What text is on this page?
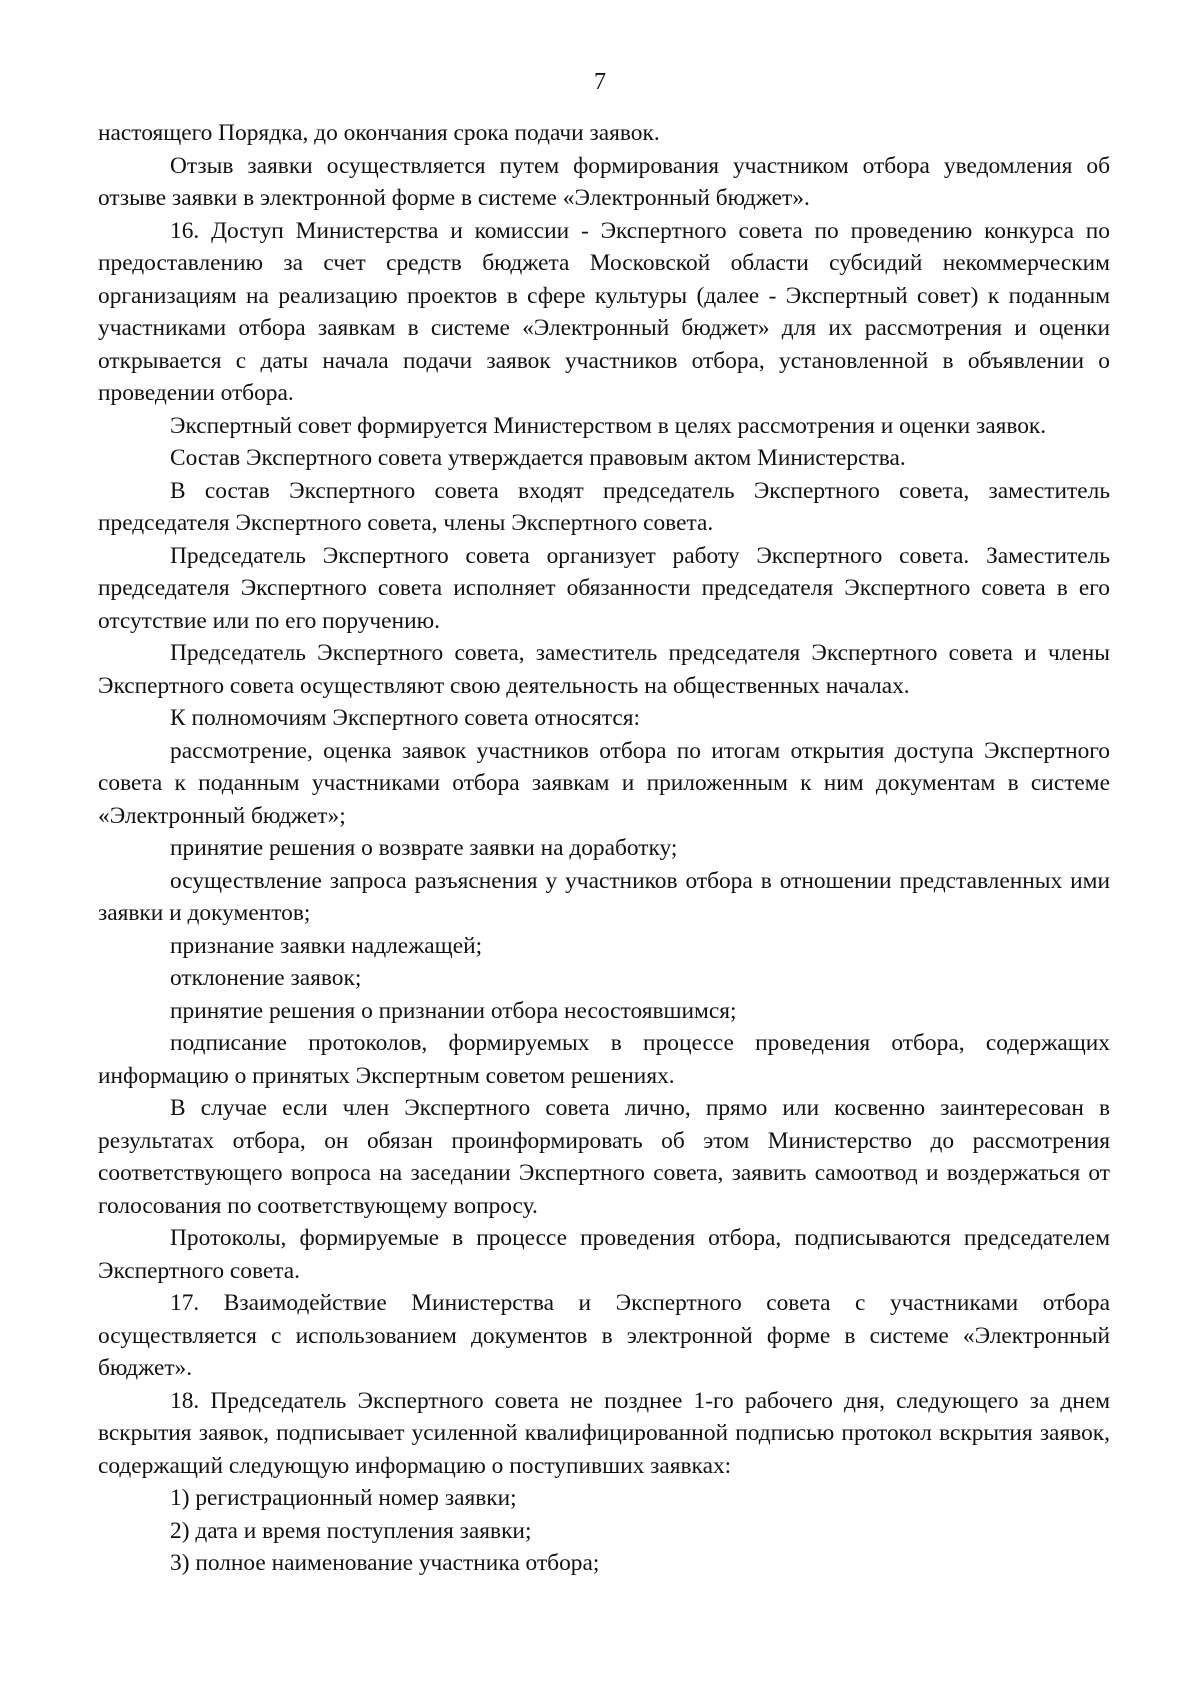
7

настоящего Порядка, до окончания срока подачи заявок.

Отзыв заявки осуществляется путем формирования участником отбора уведомления об отзыве заявки в электронной форме в системе «Электронный бюджет».

16. Доступ Министерства и комиссии - Экспертного совета по проведению конкурса по предоставлению за счет средств бюджета Московской области субсидий некоммерческим организациям на реализацию проектов в сфере культуры (далее - Экспертный совет) к поданным участниками отбора заявкам в системе «Электронный бюджет» для их рассмотрения и оценки открывается с даты начала подачи заявок участников отбора, установленной в объявлении о проведении отбора.

Экспертный совет формируется Министерством в целях рассмотрения и оценки заявок.

Состав Экспертного совета утверждается правовым актом Министерства.

В состав Экспертного совета входят председатель Экспертного совета, заместитель председателя Экспертного совета, члены Экспертного совета.

Председатель Экспертного совета организует работу Экспертного совета. Заместитель председателя Экспертного совета исполняет обязанности председателя Экспертного совета в его отсутствие или по его поручению.

Председатель Экспертного совета, заместитель председателя Экспертного совета и члены Экспертного совета осуществляют свою деятельность на общественных началах.

К полномочиям Экспертного совета относятся:

рассмотрение, оценка заявок участников отбора по итогам открытия доступа Экспертного совета к поданным участниками отбора заявкам и приложенным к ним документам в системе «Электронный бюджет»;

принятие решения о возврате заявки на доработку;

осуществление запроса разъяснения у участников отбора в отношении представленных ими заявки и документов;

признание заявки надлежащей;

отклонение заявок;

принятие решения о признании отбора несостоявшимся;

подписание протоколов, формируемых в процессе проведения отбора, содержащих информацию о принятых Экспертным советом решениях.

В случае если член Экспертного совета лично, прямо или косвенно заинтересован в результатах отбора, он обязан проинформировать об этом Министерство до рассмотрения соответствующего вопроса на заседании Экспертного совета, заявить самоотвод и воздержаться от голосования по соответствующему вопросу.

Протоколы, формируемые в процессе проведения отбора, подписываются председателем Экспертного совета.

17. Взаимодействие Министерства и Экспертного совета с участниками отбора осуществляется с использованием документов в электронной форме в системе «Электронный бюджет».

18. Председатель Экспертного совета не позднее 1-го рабочего дня, следующего за днем вскрытия заявок, подписывает усиленной квалифицированной подписью протокол вскрытия заявок, содержащий следующую информацию о поступивших заявках:

1) регистрационный номер заявки;

2) дата и время поступления заявки;

3) полное наименование участника отбора;
